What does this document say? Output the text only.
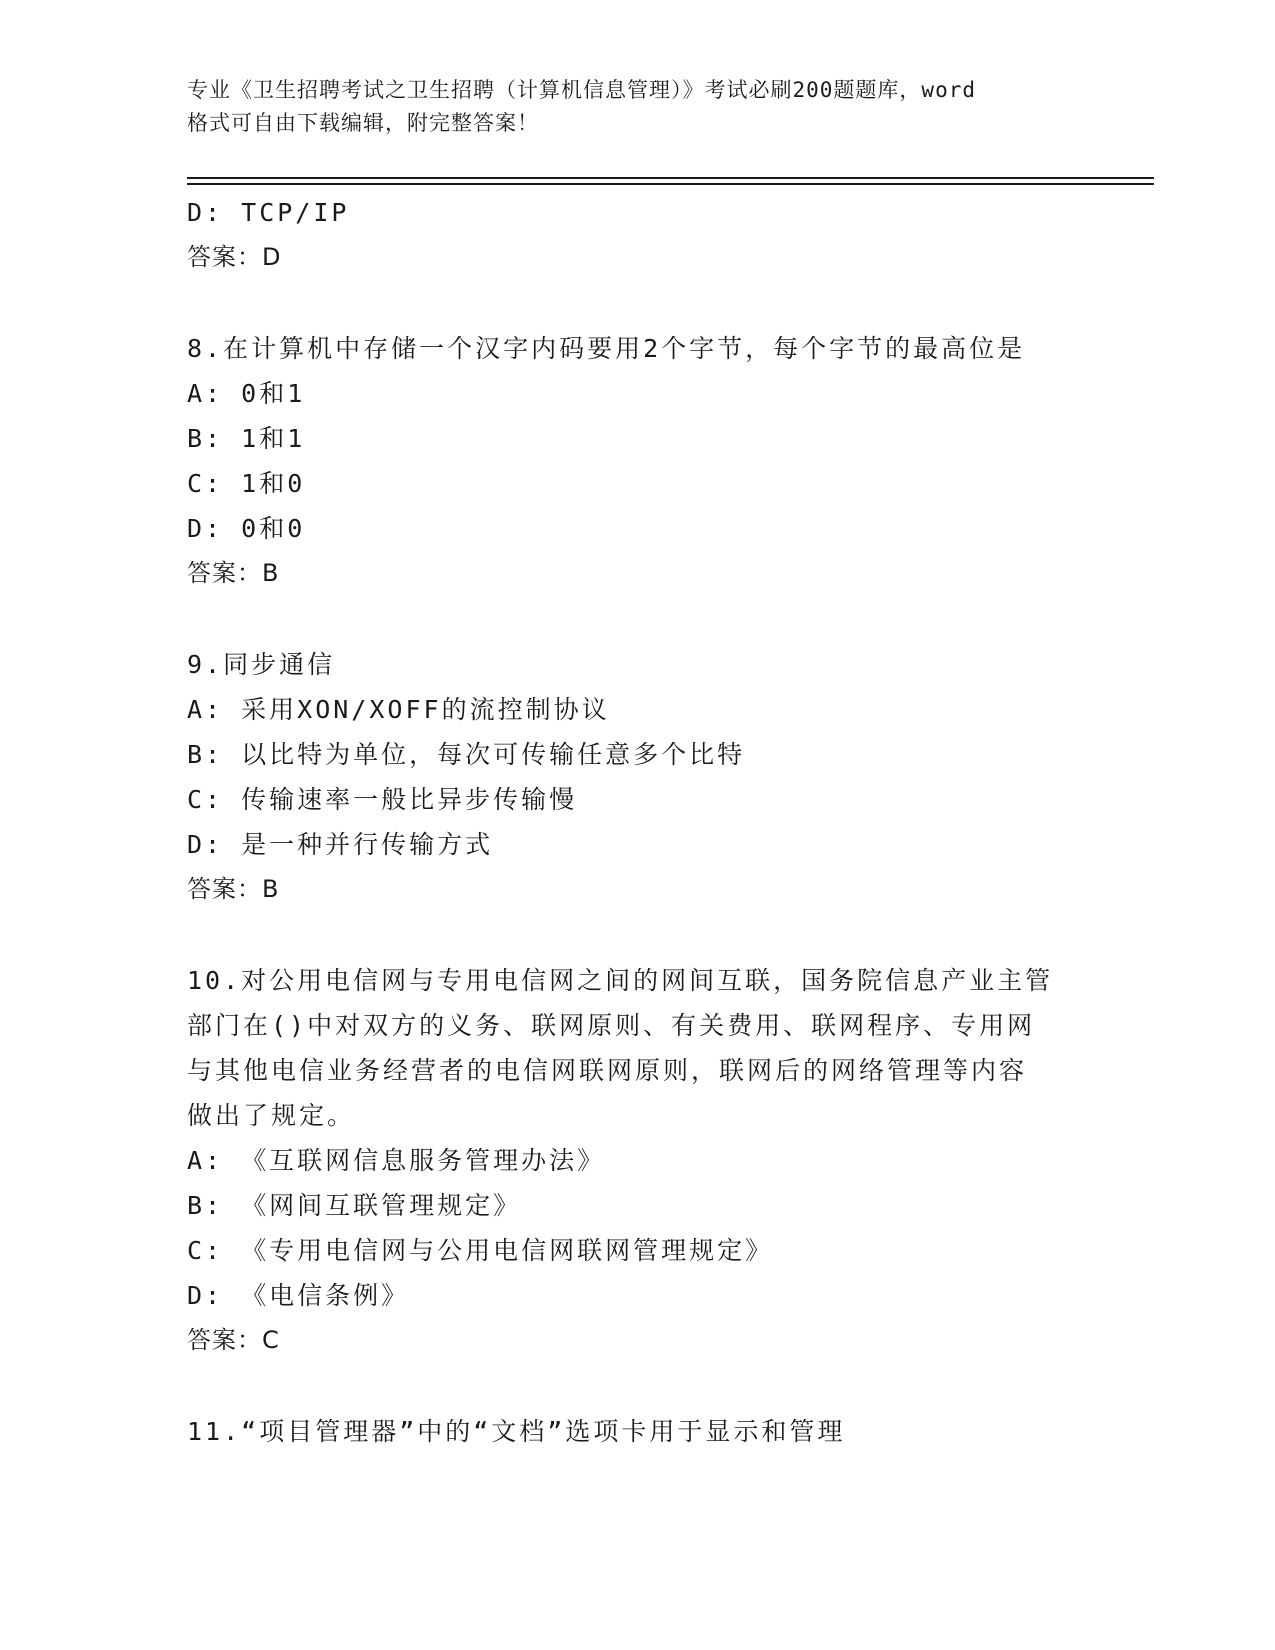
专业《卫生招聘考试之卫生招聘（计算机信息管理）》考试必刷200题题库，word
格式可自由下载编辑，附完整答案！
D: TCP/IP
答案：D
8.在计算机中存储一个汉字内码要用2个字节，每个字节的最高位是
A: 0和1
B: 1和1
C: 1和0
D: 0和0
答案：B
9.同步通信
A: 采用XON/XOFF的流控制协议
B: 以比特为单位，每次可传输任意多个比特
C: 传输速率一般比异步传输慢
D: 是一种并行传输方式
答案：B
10.对公用电信网与专用电信网之间的网间互联，国务院信息产业主管
部门在()中对双方的义务、联网原则、有关费用、联网程序、专用网
与其他电信业务经营者的电信网联网原则，联网后的网络管理等内容
做出了规定。
A: 《互联网信息服务管理办法》
B: 《网间互联管理规定》
C: 《专用电信网与公用电信网联网管理规定》
D: 《电信条例》
答案：C
11.“项目管理器”中的“文档”选项卡用于显示和管理
